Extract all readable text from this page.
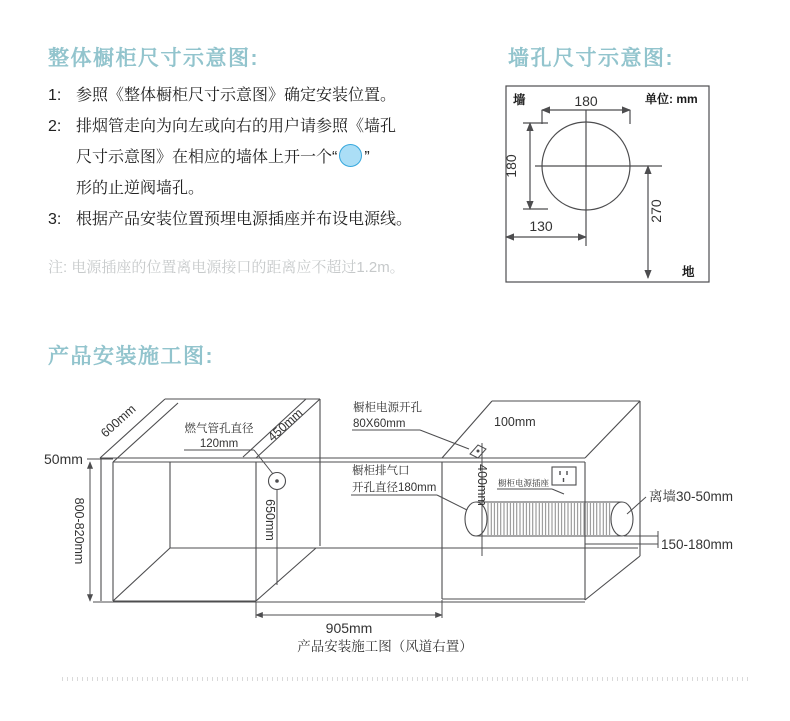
整体橱柜尺寸示意图:	墙孔尺寸示意图:
产品安装施工图:
1: 参照《整体橱柜尺寸示意图》确定安装位置。
2: 排烟管走向为向左或向右的用户请参照《墙孔
尺寸示意图》在相应的墙体上开一个“ ”
形的止逆阀墙孔。
3: 根据产品安装位置预埋电源插座并布设电源线。
注: 电源插座的位置离电源接口的距离应不超过1.2m。
墙	单位: mm
180
180
130
270
地
50mm
800-820mm
600mm	450mm
燃气管孔直径
120mm
650mm
橱柜电源开孔
80X60mm	100mm
400mm 橱柜电源插座
橱柜排气口
开孔直径180mm
离墙30-50mm
150-180mm
905mm
产品安装施工图（风道右置）
